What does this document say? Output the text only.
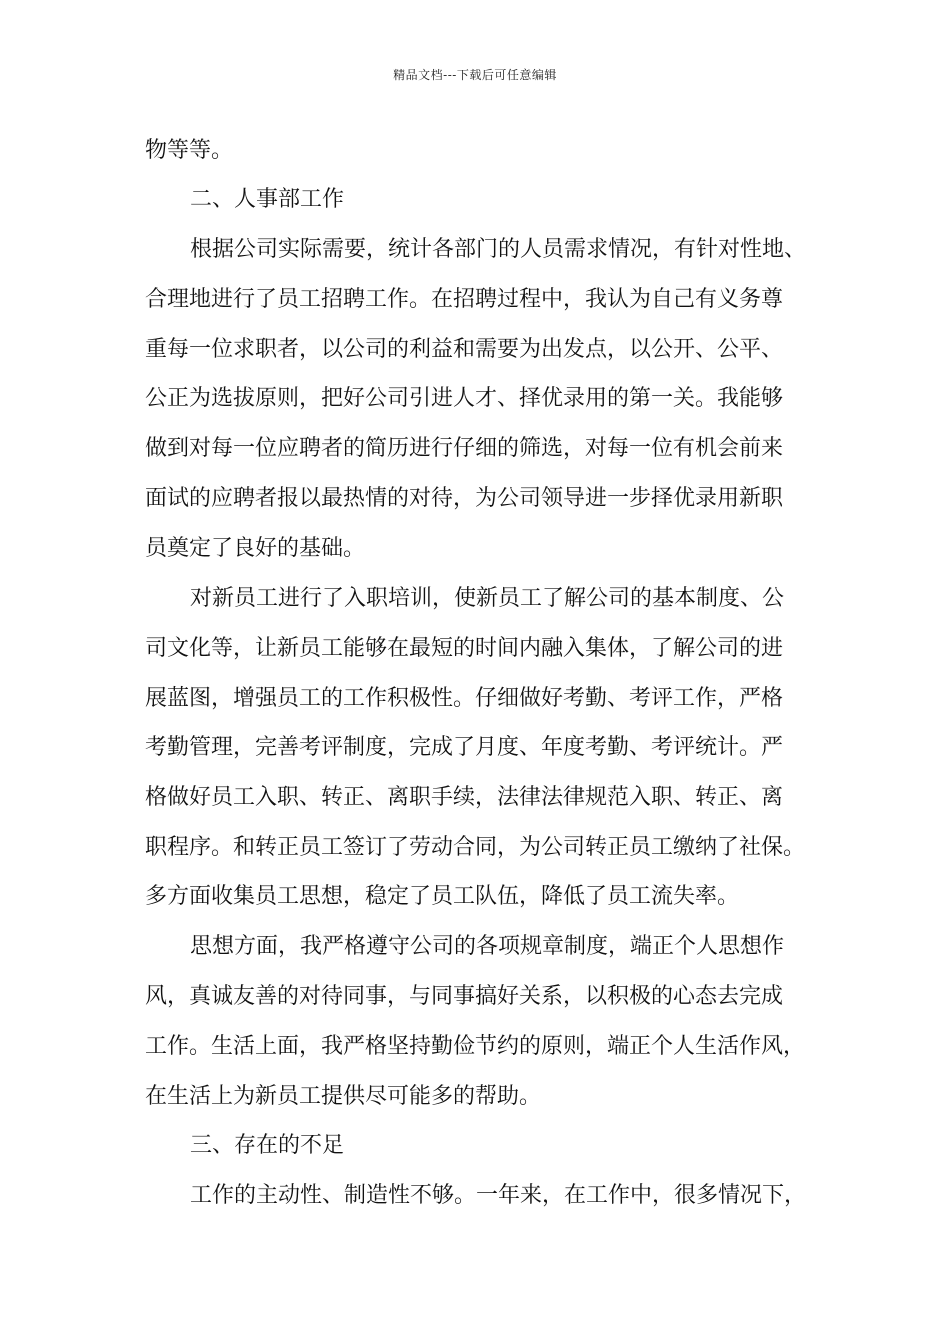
精品文档---下载后可任意编辑
物等等。
二、人事部工作
根据公司实际需要，统计各部门的人员需求情况，有针对性地、
合理地进行了员工招聘工作。在招聘过程中，我认为自己有义务尊
重每一位求职者，以公司的利益和需要为出发点，以公开、公平、
公正为选拔原则，把好公司引进人才、择优录用的第一关。我能够
做到对每一位应聘者的简历进行仔细的筛选，对每一位有机会前来
面试的应聘者报以最热情的对待，为公司领导进一步择优录用新职
员奠定了良好的基础。
对新员工进行了入职培训，使新员工了解公司的基本制度、公
司文化等，让新员工能够在最短的时间内融入集体，了解公司的进
展蓝图，增强员工的工作积极性。仔细做好考勤、考评工作，严格
考勤管理，完善考评制度，完成了月度、年度考勤、考评统计。严
格做好员工入职、转正、离职手续，法律法律规范入职、转正、离
职程序。和转正员工签订了劳动合同，为公司转正员工缴纳了社保。
多方面收集员工思想，稳定了员工队伍，降低了员工流失率。
思想方面，我严格遵守公司的各项规章制度，端正个人思想作
风，真诚友善的对待同事，与同事搞好关系，以积极的心态去完成
工作。生活上面，我严格坚持勤俭节约的原则，端正个人生活作风，
在生活上为新员工提供尽可能多的帮助。
三、存在的不足
工作的主动性、制造性不够。一年来，在工作中，很多情况下，
